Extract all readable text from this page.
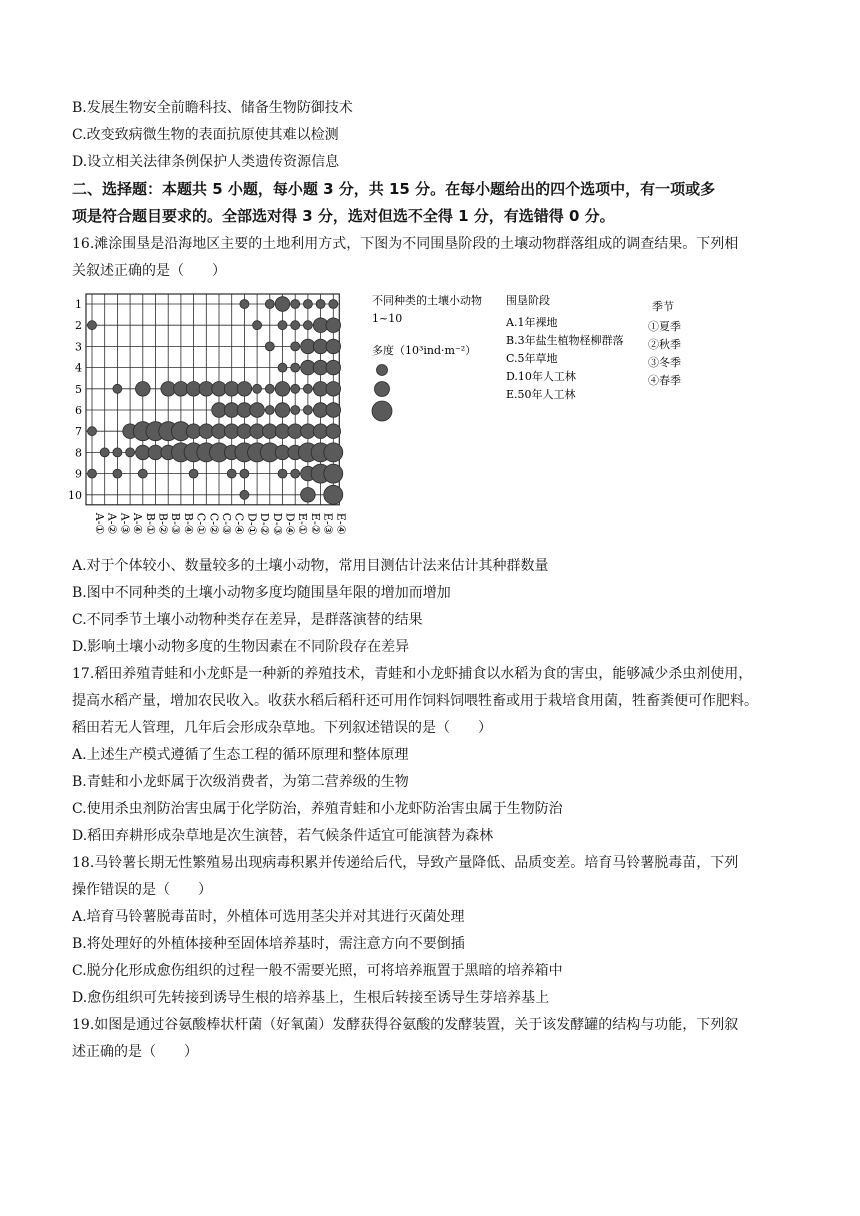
B.发展生物安全前瞻科技、储备生物防御技术
C.改变致病微生物的表面抗原使其难以检测
D.设立相关法律条例保护人类遗传资源信息
二、选择题：本题共 5 小题，每小题 3 分，共 15 分。在每小题给出的四个选项中，有一项或多
项是符合题目要求的。全部选对得 3 分，选对但选不全得 1 分，有选错得 0 分。
16.滩涂围垦是沿海地区主要的土地利用方式，下图为不同围垦阶段的土壤动物群落组成的调查结果。下列相
关叙述正确的是（　　）
1
2
3
4
5
6
7
8
9
10
A-① A-② A-③ A-④ B-① B-② B-③ B-④ C-① C-② C-③ C-④ D-① D-② D-③ D-④ E-① E-② E-③ E-④
不同种类的土壤小动物
1~10
多度（10³ind·m⁻²）
围垦阶段
A.1年裸地
B.3年盐生植物柽柳群落
C.5年草地
D.10年人工林
E.50年人工林
季节
①夏季
②秋季
③冬季
④春季
A.对于个体较小、数量较多的土壤小动物，常用目测估计法来估计其种群数量
B.图中不同种类的土壤小动物多度均随围垦年限的增加而增加
C.不同季节土壤小动物种类存在差异，是群落演替的结果
D.影响土壤小动物多度的生物因素在不同阶段存在差异
17.稻田养殖青蛙和小龙虾是一种新的养殖技术，青蛙和小龙虾捕食以水稻为食的害虫，能够减少杀虫剂使用，
提高水稻产量，增加农民收入。收获水稻后稻秆还可用作饲料饲喂牲畜或用于栽培食用菌，牲畜粪便可作肥料。
稻田若无人管理，几年后会形成杂草地。下列叙述错误的是（　　）
A.上述生产模式遵循了生态工程的循环原理和整体原理
B.青蛙和小龙虾属于次级消费者，为第二营养级的生物
C.使用杀虫剂防治害虫属于化学防治，养殖青蛙和小龙虾防治害虫属于生物防治
D.稻田弃耕形成杂草地是次生演替，若气候条件适宜可能演替为森林
18.马铃薯长期无性繁殖易出现病毒积累并传递给后代，导致产量降低、品质变差。培育马铃薯脱毒苗，下列
操作错误的是（　　）
A.培育马铃薯脱毒苗时，外植体可选用茎尖并对其进行灭菌处理
B.将处理好的外植体接种至固体培养基时，需注意方向不要倒插
C.脱分化形成愈伤组织的过程一般不需要光照，可将培养瓶置于黑暗的培养箱中
D.愈伤组织可先转接到诱导生根的培养基上，生根后转接至诱导生芽培养基上
19.如图是通过谷氨酸棒状杆菌（好氧菌）发酵获得谷氨酸的发酵装置，关于该发酵罐的结构与功能，下列叙
述正确的是（　　）
